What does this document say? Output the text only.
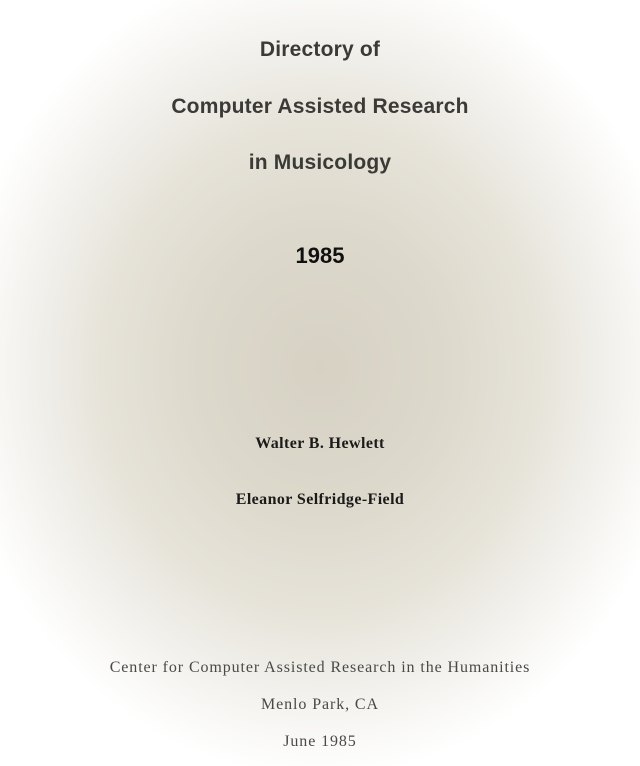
Directory of
Computer Assisted Research
in Musicology
1985
Walter B. Hewlett
Eleanor Selfridge-Field
Center for Computer Assisted Research in the Humanities
Menlo Park, CA
June 1985
